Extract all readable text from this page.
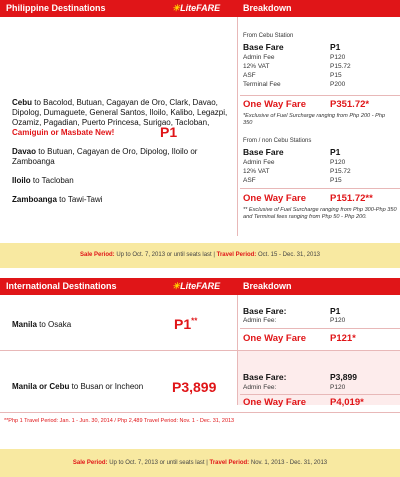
Philippine Destinations	☀LiteFARE	Breakdown
Cebu to Bacolod, Butuan, Cagayan de Oro, Clark, Davao, Dipolog, Dumaguete, General Santos, Iloilo, Kalibo, Legazpi, Ozamiz, Pagadian, Puerto Princesa, Surigao, Tacloban, Camiguin or Masbate New!
Davao to Butuan, Cagayan de Oro, Dipolog, Iloilo or Zamboanga
Iloilo to Tacloban
Zamboanga to Tawi-Tawi
P1
From Cebu Station
Base Fare	P1
Admin Fee	P120
12% VAT	P15.72
ASF	P15
Terminal Fee	P200
One Way Fare	P351.72*
*Exclusive of Fuel Surcharge ranging from Php 200 - Php 350
From / non Cebu Stations
Base Fare	P1
Admin Fee	P120
12% VAT	P15.72
ASF	P15
One Way Fare	P151.72**
** Exclusive of Fuel Surcharge ranging from Php 300-Php 350 and Terminal fees ranging from Php 50 - Php 200.
Sale Period: Up to Oct. 7, 2013 or until seats last | Travel Period: Oct. 15 - Dec. 31, 2013
International Destinations	☀LiteFARE	Breakdown
Manila to Osaka	P1**
Base Fare:	P1
Admin Fee:	P120
One Way Fare	P121*
Manila or Cebu to Busan or Incheon P3,899
Base Fare:	P3,899
Admin Fee:	P120
One Way Fare	P4,019*
**Php 1 Travel Period: Jan. 1 - Jun. 30, 2014 / Php 2,489 Travel Period: Nov. 1 - Dec. 31, 2013
Sale Period: Up to Oct. 7, 2013 or until seats last | Travel Period: Nov. 1, 2013 - Dec. 31, 2013
